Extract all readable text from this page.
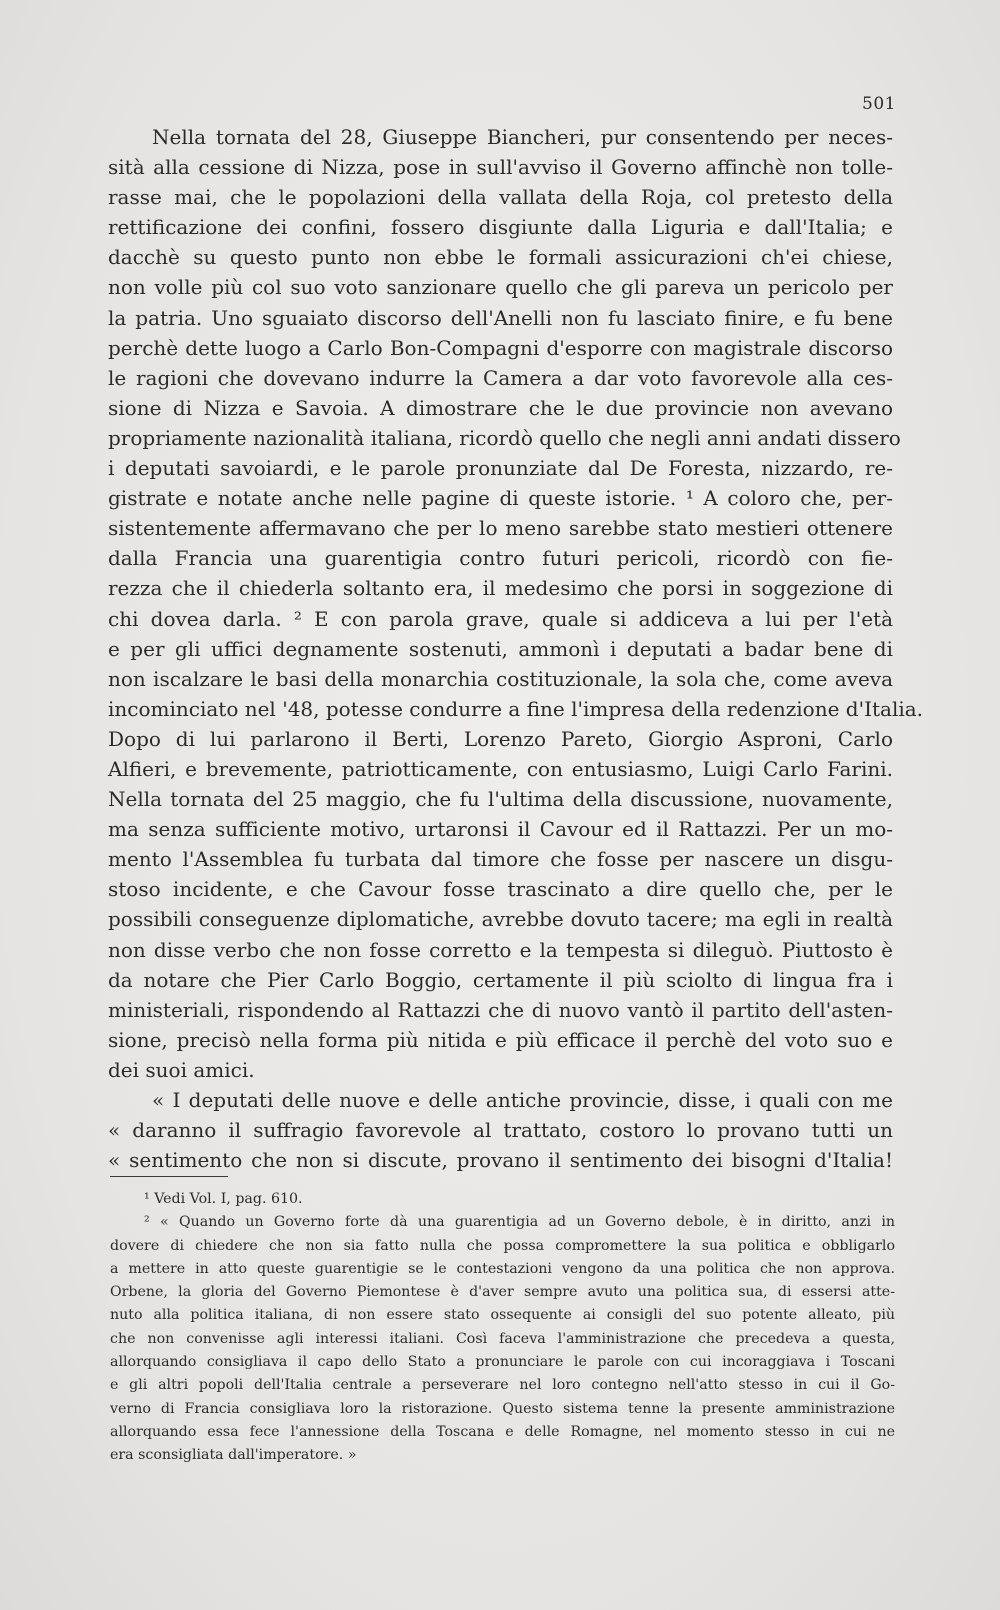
501
Nella tornata del 28, Giuseppe Biancheri, pur consentendo per neces-
sità alla cessione di Nizza, pose in sull'avviso il Governo affinchè non tolle-
rasse mai, che le popolazioni della vallata della Roja, col pretesto della
rettificazione dei confini, fossero disgiunte dalla Liguria e dall'Italia; e
dacchè su questo punto non ebbe le formali assicurazioni ch'ei chiese,
non volle più col suo voto sanzionare quello che gli pareva un pericolo per
la patria. Uno sguaiato discorso dell'Anelli non fu lasciato finire, e fu bene
perchè dette luogo a Carlo Bon-Compagni d'esporre con magistrale discorso
le ragioni che dovevano indurre la Camera a dar voto favorevole alla ces-
sione di Nizza e Savoia. A dimostrare che le due provincie non avevano
propriamente nazionalità italiana, ricordò quello che negli anni andati dissero
i deputati savoiardi, e le parole pronunziate dal De Foresta, nizzardo, re-
gistrate e notate anche nelle pagine di queste istorie. ¹ A coloro che, per-
sistentemente affermavano che per lo meno sarebbe stato mestieri ottenere
dalla Francia una guarentigia contro futuri pericoli, ricordò con fie-
rezza che il chiederla soltanto era, il medesimo che porsi in soggezione di
chi dovea darla. ² E con parola grave, quale si addiceva a lui per l'età
e per gli uffici degnamente sostenuti, ammonì i deputati a badar bene di
non iscalzare le basi della monarchia costituzionale, la sola che, come aveva
incominciato nel '48, potesse condurre a fine l'impresa della redenzione d'Italia.
Dopo di lui parlarono il Berti, Lorenzo Pareto, Giorgio Asproni, Carlo
Alfieri, e brevemente, patriotticamente, con entusiasmo, Luigi Carlo Farini.
Nella tornata del 25 maggio, che fu l'ultima della discussione, nuovamente,
ma senza sufficiente motivo, urtaronsi il Cavour ed il Rattazzi. Per un mo-
mento l'Assemblea fu turbata dal timore che fosse per nascere un disgu-
stoso incidente, e che Cavour fosse trascinato a dire quello che, per le
possibili conseguenze diplomatiche, avrebbe dovuto tacere; ma egli in realtà
non disse verbo che non fosse corretto e la tempesta si dileguò. Piuttosto è
da notare che Pier Carlo Boggio, certamente il più sciolto di lingua fra i
ministeriali, rispondendo al Rattazzi che di nuovo vantò il partito dell'asten-
sione, precisò nella forma più nitida e più efficace il perchè del voto suo e
dei suoi amici.
« I deputati delle nuove e delle antiche provincie, disse, i quali con me
« daranno il suffragio favorevole al trattato, costoro lo provano tutti un
« sentimento che non si discute, provano il sentimento dei bisogni d'Italia!
¹ Vedi Vol. I, pag. 610.
² « Quando un Governo forte dà una guarentigia ad un Governo debole, è in diritto, anzi in
dovere di chiedere che non sia fatto nulla che possa compromettere la sua politica e obbligarlo
a mettere in atto queste guarentigie se le contestazioni vengono da una politica che non approva.
Orbene, la gloria del Governo Piemontese è d'aver sempre avuto una politica sua, di essersi atte-
nuto alla politica italiana, di non essere stato ossequente ai consigli del suo potente alleato, più
che non convenisse agli interessi italiani. Così faceva l'amministrazione che precedeva a questa,
allorquando consigliava il capo dello Stato a pronunciare le parole con cui incoraggiava i Toscani
e gli altri popoli dell'Italia centrale a perseverare nel loro contegno nell'atto stesso in cui il Go-
verno di Francia consigliava loro la ristorazione. Questo sistema tenne la presente amministrazione
allorquando essa fece l'annessione della Toscana e delle Romagne, nel momento stesso in cui ne
era sconsigliata dall'imperatore. »
